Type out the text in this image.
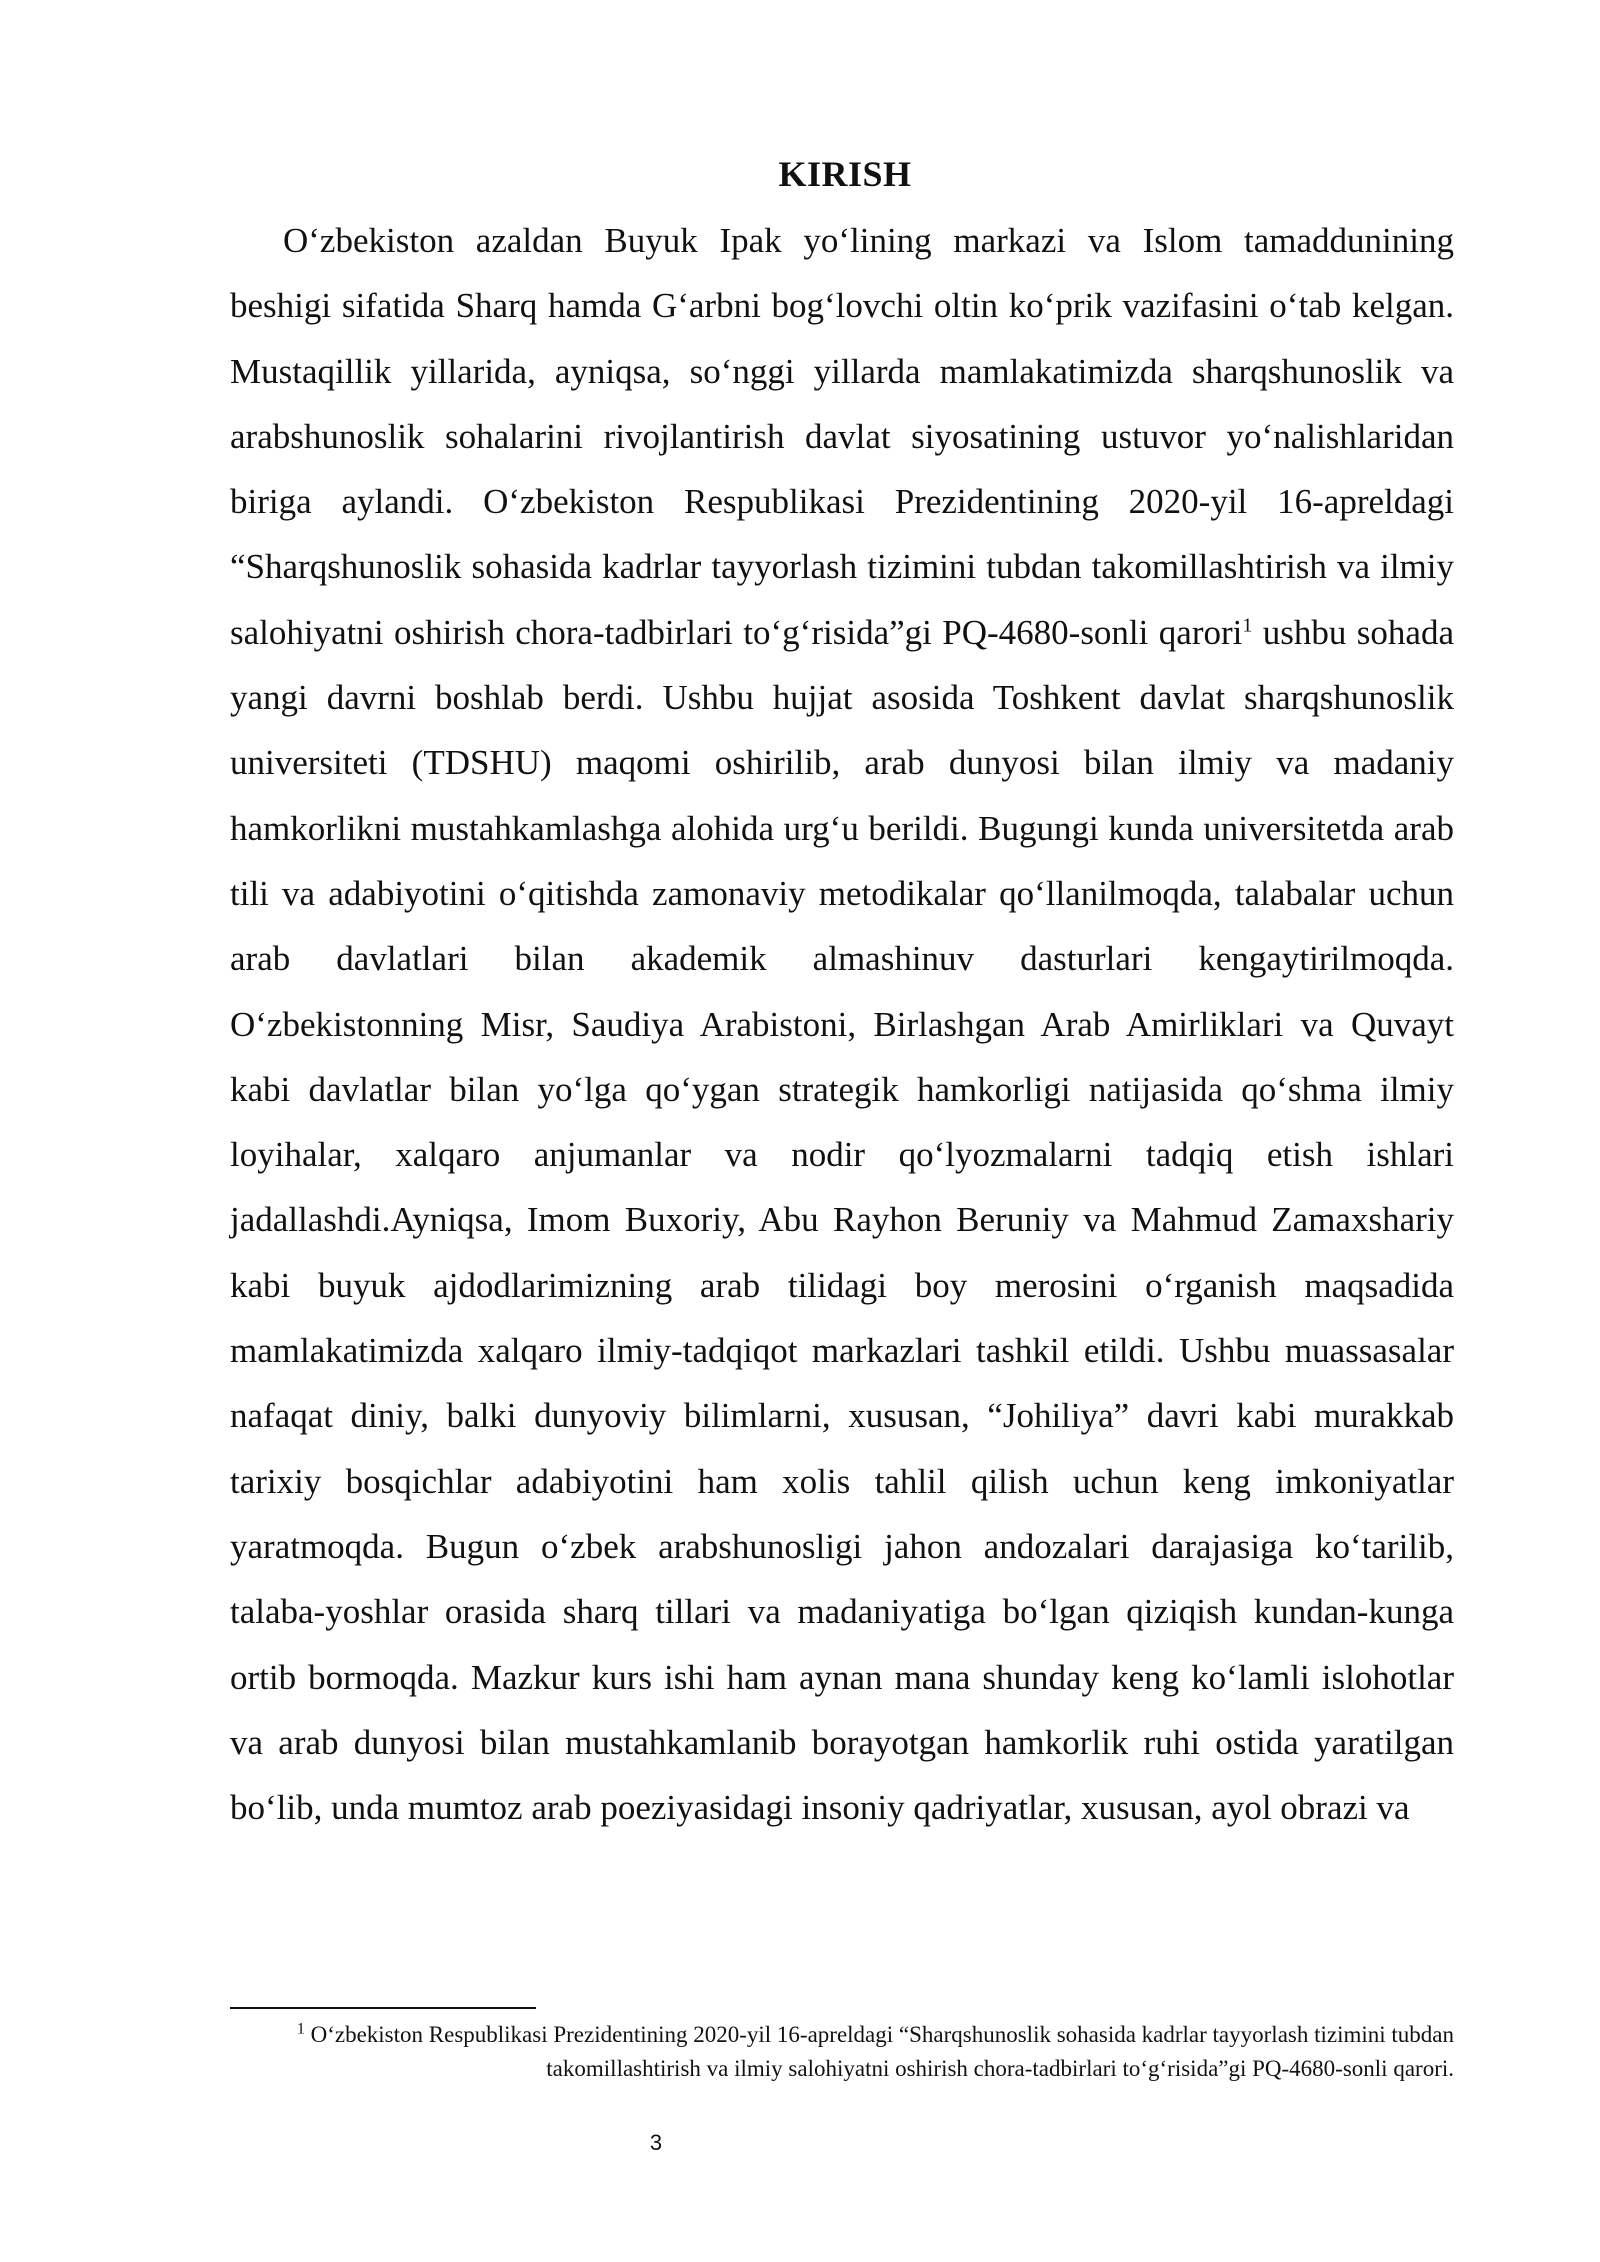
KIRISH

O‘zbekiston azaldan Buyuk Ipak yo‘lining markazi va Islom tamaddunining beshigi sifatida Sharq hamda G‘arbni bog‘lovchi oltin ko‘prik vazifasini o‘tab kelgan. Mustaqillik yillarida, ayniqsa, so‘nggi yillarda mamlakatimizda sharqshunoslik va arabshunoslik sohalarini rivojlantirish davlat siyosatining ustuvor yo‘nalishlaridan biriga aylandi. O‘zbekiston Respublikasi Prezidentining 2020-yil 16-apreldagi “Sharqshunoslik sohasida kadrlar tayyorlash tizimini tubdan takomillashtirish va ilmiy salohiyatni oshirish chora-tadbirlari to‘g‘risida”gi PQ-4680-sonli qarori$^1$ ushbu sohada yangi davrni boshlab berdi. Ushbu hujjat asosida Toshkent davlat sharqshunoslik universiteti (TDSHU) maqomi oshirilib, arab dunyosi bilan ilmiy va madaniy hamkorlikni mustahkamlashga alohida urg‘u berildi. Bugungi kunda universitetda arab tili va adabiyotini o‘qitishda zamonaviy metodikalar qo‘llanilmoqda, talabalar uchun arab davlatlari bilan akademik almashinuv dasturlari kengaytirilmoqda. O‘zbekistonning Misr, Saudiya Arabistoni, Birlashgan Arab Amirliklari va Quvayt kabi davlatlar bilan yo‘lga qo‘ygan strategik hamkorligi natijasida qo‘shma ilmiy loyihalar, xalqaro anjumanlar va nodir qo‘lyozmalarni tadqiq etish ishlari jadallashdi.Ayniqsa, Imom Buxoriy, Abu Rayhon Beruniy va Mahmud Zamaxshariy kabi buyuk ajdodlarimizning arab tilidagi boy merosini o‘rganish maqsadida mamlakatimizda xalqaro ilmiy-tadqiqot markazlari tashkil etildi. Ushbu muassasalar nafaqat diniy, balki dunyoviy bilimlarni, xususan, “Johiliya” davri kabi murakkab tarixiy bosqichlar adabiyotini ham xolis tahlil qilish uchun keng imkoniyatlar yaratmoqda. Bugun o‘zbek arabshunosligi jahon andozalari darajasiga ko‘tarilib, talaba-yoshlar orasida sharq tillari va madaniyatiga bo‘lgan qiziqish kundan-kunga ortib bormoqda. Mazkur kurs ishi ham aynan mana shunday keng ko‘lamli islohotlar va arab dunyosi bilan mustahkamlanib borayotgan hamkorlik ruhi ostida yaratilgan bo‘lib, unda mumtoz arab poeziyasidagi insoniy qadriyatlar, xususan, ayol obrazi va

$^1$ O‘zbekiston Respublikasi Prezidentining 2020-yil 16-apreldagi “Sharqshunoslik sohasida kadrlar tayyorlash tizimini tubdan takomillashtirish va ilmiy salohiyatni oshirish chora-tadbirlari to‘g‘risida”gi PQ-4680-sonli qarori.
3
